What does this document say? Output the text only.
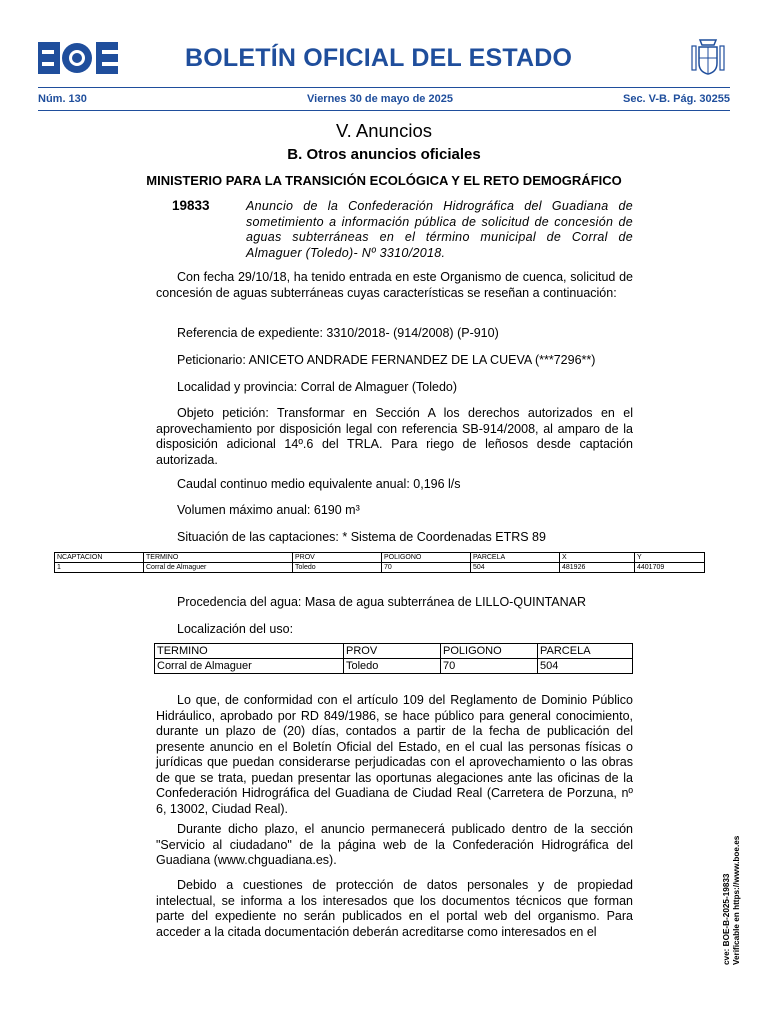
BOLETÍN OFICIAL DEL ESTADO
Núm. 130	Viernes 30 de mayo de 2025	Sec. V-B. Pág. 30255
V. Anuncios
B. Otros anuncios oficiales
MINISTERIO PARA LA TRANSICIÓN ECOLÓGICA Y EL RETO DEMOGRÁFICO
19833	Anuncio de la Confederación Hidrográfica del Guadiana de sometimiento a información pública de solicitud de concesión de aguas subterráneas en el término municipal de Corral de Almaguer (Toledo)- Nº 3310/2018.
Con fecha 29/10/18, ha tenido entrada en este Organismo de cuenca, solicitud de concesión de aguas subterráneas cuyas características se reseñan a continuación:
Referencia de expediente: 3310/2018- (914/2008) (P-910)
Peticionario: ANICETO ANDRADE FERNANDEZ DE LA CUEVA (***7296**)
Localidad y provincia: Corral de Almaguer (Toledo)
Objeto petición: Transformar en Sección A los derechos autorizados en el aprovechamiento por disposición legal con referencia SB-914/2008, al amparo de la disposición adicional 14º.6 del TRLA. Para riego de leñosos desde captación autorizada.
Caudal continuo medio equivalente anual: 0,196 l/s
Volumen máximo anual: 6190 m³
Situación de las captaciones: * Sistema de Coordenadas ETRS 89
NCAPTACION	TERMINO	PROV	POLIGONO	PARCELA	X	Y
1	Corral de Almaguer	Toledo	70	504	481926	4401709
Procedencia del agua: Masa de agua subterránea de LILLO-QUINTANAR
Localización del uso:
TERMINO	PROV	POLIGONO	PARCELA
Corral de Almaguer	Toledo	70	504
Lo que, de conformidad con el artículo 109 del Reglamento de Dominio Público Hidráulico, aprobado por RD 849/1986, se hace público para general conocimiento, durante un plazo de (20) días, contados a partir de la fecha de publicación del presente anuncio en el Boletín Oficial del Estado, en el cual las personas físicas o jurídicas que puedan considerarse perjudicadas con el aprovechamiento o las obras de que se trata, puedan presentar las oportunas alegaciones ante las oficinas de la Confederación Hidrográfica del Guadiana de Ciudad Real (Carretera de Porzuna, nº 6, 13002, Ciudad Real).
Durante dicho plazo, el anuncio permanecerá publicado dentro de la sección "Servicio al ciudadano" de la página web de la Confederación Hidrográfica del Guadiana (www.chguadiana.es).
Debido a cuestiones de protección de datos personales y de propiedad intelectual, se informa a los interesados que los documentos técnicos que forman parte del expediente no serán publicados en el portal web del organismo. Para acceder a la citada documentación deberán acreditarse como interesados en el	cve: BOE-B-2025-19833 Verificable en https://www.boe.es
